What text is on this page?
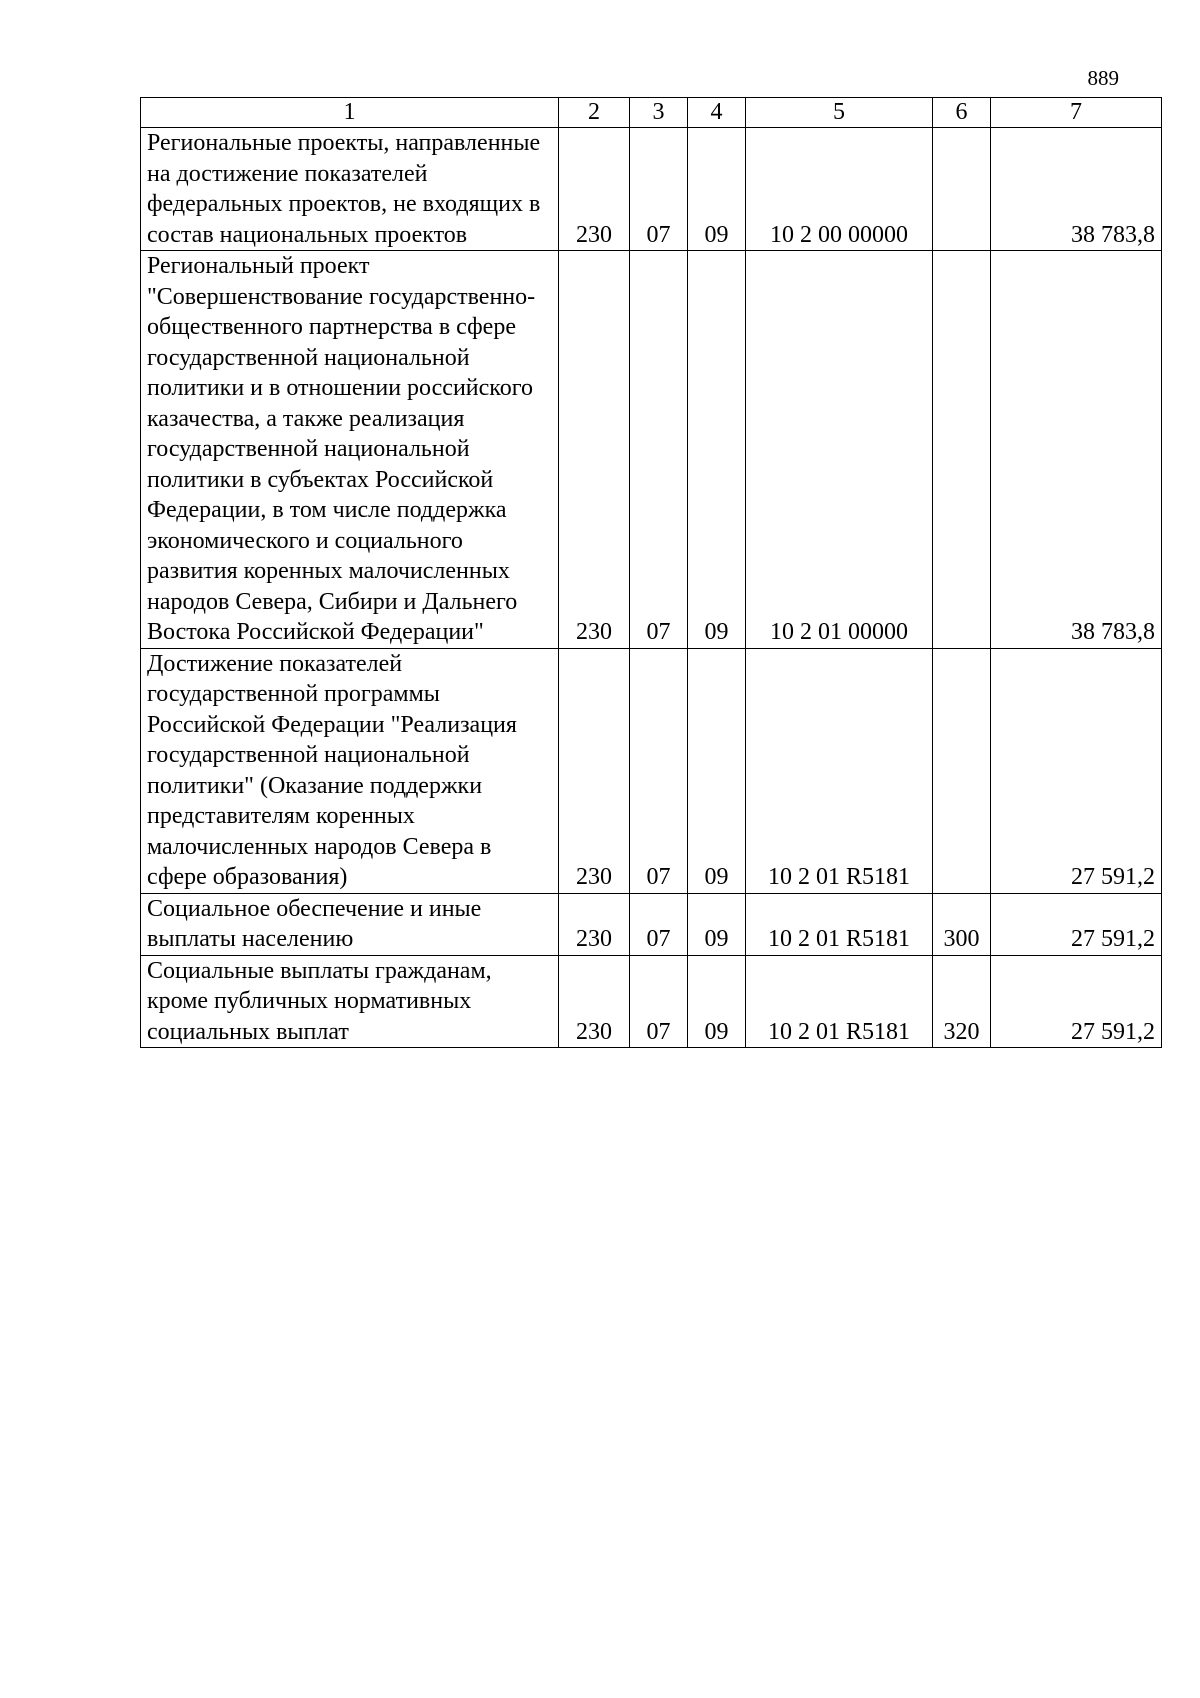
889
1	2	3	4	5	6	7
Региональные проекты, направленные на достижение показателей федеральных проектов, не входящих в состав национальных проектов	230	07	09	10 2 00 00000		38 783,8
Региональный проект "Совершенствование государственно-общественного партнерства в сфере государственной национальной политики и в отношении российского казачества, а также реализация государственной национальной политики в субъектах Российской Федерации, в том числе поддержка экономического и социального развития коренных малочисленных народов Севера, Сибири и Дальнего Востока Российской Федерации"	230	07	09	10 2 01 00000		38 783,8
Достижение показателей государственной программы Российской Федерации "Реализация государственной национальной политики" (Оказание поддержки представителям коренных малочисленных народов Севера в сфере образования)	230	07	09	10 2 01 R5181		27 591,2
Социальное обеспечение и иные выплаты населению	230	07	09	10 2 01 R5181	300	27 591,2
Социальные выплаты гражданам, кроме публичных нормативных социальных выплат	230	07	09	10 2 01 R5181	320	27 591,2
